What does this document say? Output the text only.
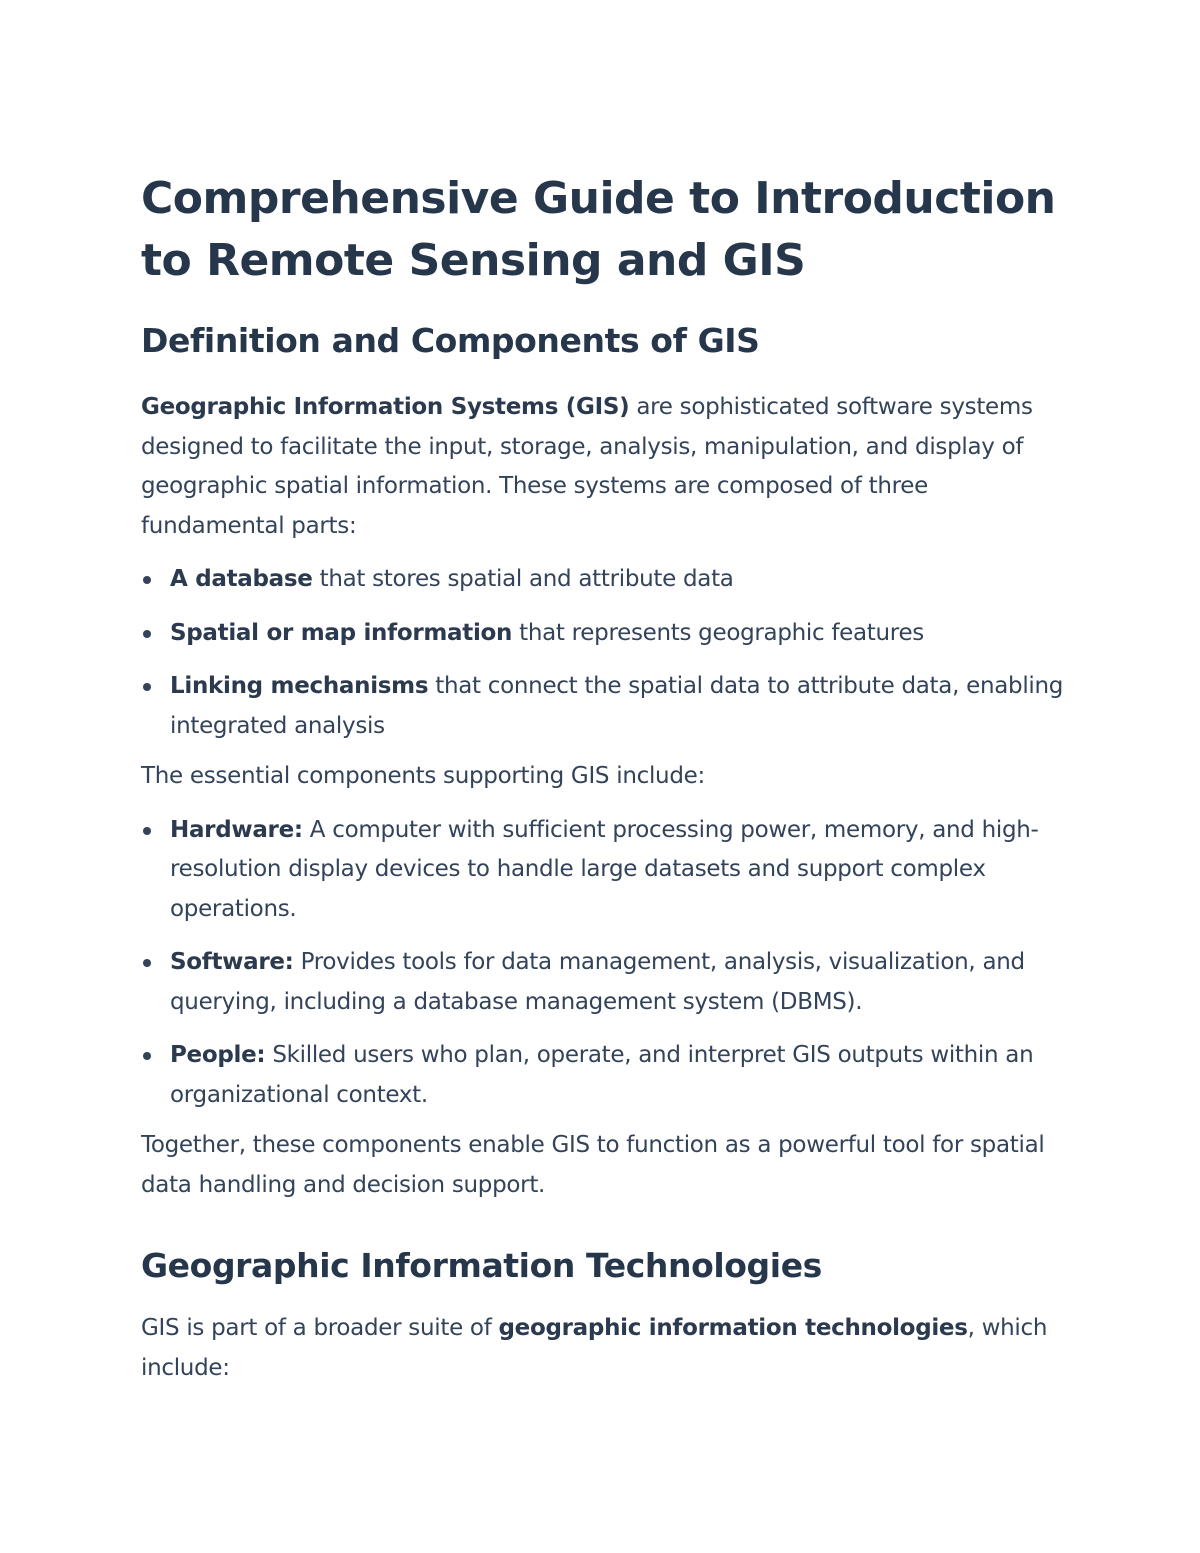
Comprehensive Guide to Introduction to Remote Sensing and GIS
Definition and Components of GIS

Geographic Information Systems (GIS) are sophisticated software systems designed to facilitate the input, storage, analysis, manipulation, and display of geographic spatial information. These systems are composed of three fundamental parts:

A database that stores spatial and attribute data
Spatial or map information that represents geographic features
Linking mechanisms that connect the spatial data to attribute data, enabling integrated analysis

The essential components supporting GIS include:

Hardware: A computer with sufficient processing power, memory, and high-resolution display devices to handle large datasets and support complex operations.
Software: Provides tools for data management, analysis, visualization, and querying, including a database management system (DBMS).
People: Skilled users who plan, operate, and interpret GIS outputs within an organizational context.

Together, these components enable GIS to function as a powerful tool for spatial data handling and decision support.

Geographic Information Technologies

GIS is part of a broader suite of geographic information technologies, which include:
